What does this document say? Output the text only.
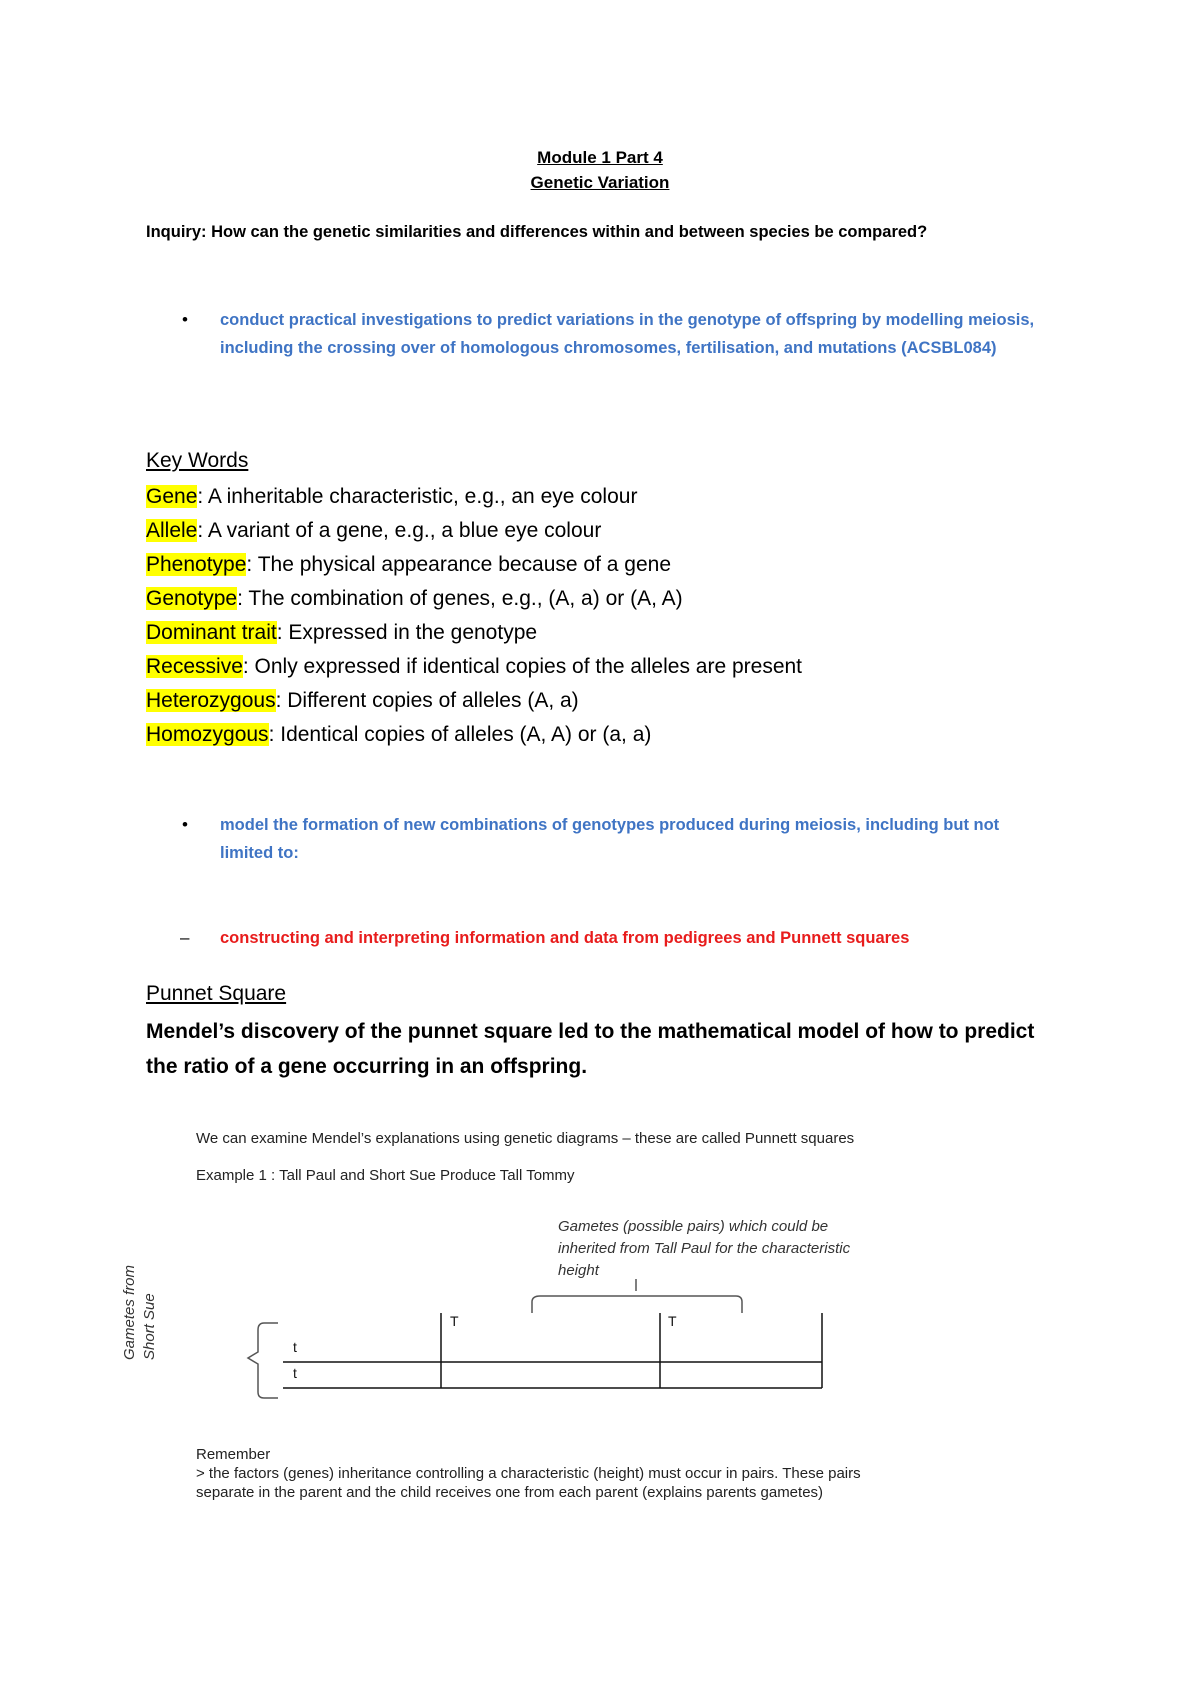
Module 1 Part 4
Genetic Variation
Inquiry: How can the genetic similarities and differences within and between species be compared?
•	conduct practical investigations to predict variations in the genotype of offspring by modelling meiosis, including the crossing over of homologous chromosomes, fertilisation, and mutations (ACSBL084)
Key Words
Gene: A inheritable characteristic, e.g., an eye colour
Allele: A variant of a gene, e.g., a blue eye colour
Phenotype: The physical appearance because of a gene
Genotype: The combination of genes, e.g., (A, a) or (A, A)
Dominant trait: Expressed in the genotype
Recessive: Only expressed if identical copies of the alleles are present
Heterozygous: Different copies of alleles (A, a)
Homozygous: Identical copies of alleles (A, A) or (a, a)
•	model the formation of new combinations of genotypes produced during meiosis, including but not limited to:
–	constructing and interpreting information and data from pedigrees and Punnett squares
Punnet Square
Mendel’s discovery of the punnet square led to the mathematical model of how to predict the ratio of a gene occurring in an offspring.
We can examine Mendel’s explanations using genetic diagrams – these are called Punnett squares
Example 1 : Tall Paul and Short Sue Produce Tall Tommy
Gametes (possible pairs) which could be inherited from Tall Paul for the characteristic height
Gametes from Short Sue	T	T
t
t
Remember
> the factors (genes) inheritance controlling a characteristic (height) must occur in pairs. These pairs
separate in the parent and the child receives one from each parent (explains parents gametes)
